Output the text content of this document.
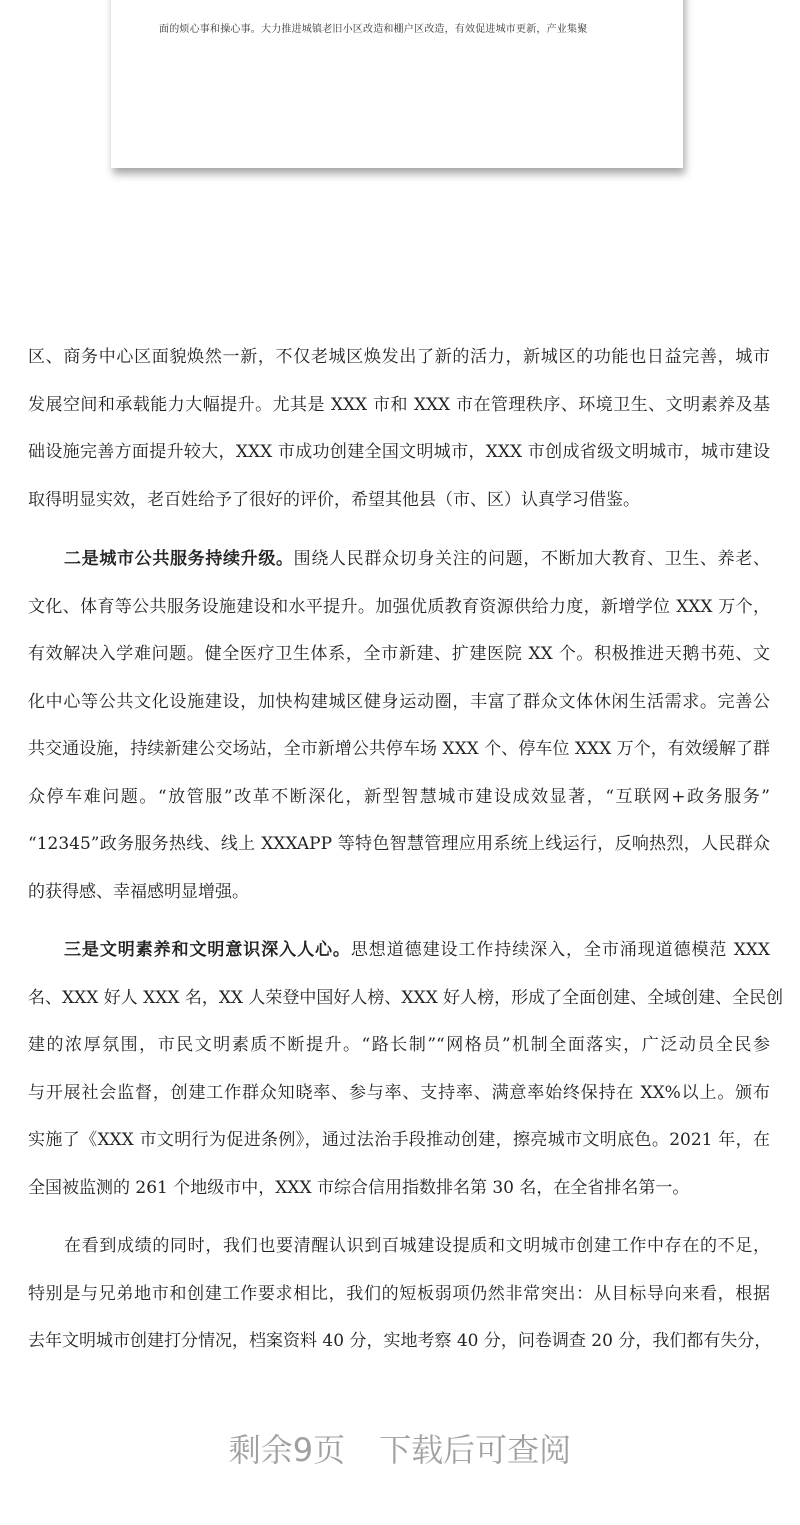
面的烦心事和操心事。大力推进城镇老旧小区改造和棚户区改造，有效促进城市更新，产业集聚
区、商务中心区面貌焕然一新，不仅老城区焕发出了新的活力，新城区的功能也日益完善，城市
发展空间和承载能力大幅提升。尤其是 XXX 市和 XXX 市在管理秩序、环境卫生、文明素养及基
础设施完善方面提升较大，XXX 市成功创建全国文明城市，XXX 市创成省级文明城市，城市建设
取得明显实效，老百姓给予了很好的评价，希望其他县（市、区）认真学习借鉴。
二是城市公共服务持续升级。围绕人民群众切身关注的问题，不断加大教育、卫生、养老、
文化、体育等公共服务设施建设和水平提升。加强优质教育资源供给力度，新增学位 XXX 万个，
有效解决入学难问题。健全医疗卫生体系，全市新建、扩建医院 XX 个。积极推进天鹅书苑、文
化中心等公共文化设施建设，加快构建城区健身运动圈，丰富了群众文体休闲生活需求。完善公
共交通设施，持续新建公交场站，全市新增公共停车场 XXX 个、停车位 XXX 万个，有效缓解了群
众停车难问题。“放管服”改革不断深化，新型智慧城市建设成效显著，“互联网+政务服务”
“12345”政务服务热线、线上 XXXAPP 等特色智慧管理应用系统上线运行，反响热烈，人民群众
的获得感、幸福感明显增强。
三是文明素养和文明意识深入人心。思想道德建设工作持续深入，全市涌现道德模范 XXX
名、XXX 好人 XXX 名，XX 人荣登中国好人榜、XXX 好人榜，形成了全面创建、全域创建、全民创
建的浓厚氛围，市民文明素质不断提升。“路长制”“网格员”机制全面落实，广泛动员全民参
与开展社会监督，创建工作群众知晓率、参与率、支持率、满意率始终保持在 XX%以上。颁布
实施了《XXX 市文明行为促进条例》，通过法治手段推动创建，擦亮城市文明底色。2021 年，在
全国被监测的 261 个地级市中，XXX 市综合信用指数排名第 30 名，在全省排名第一。
在看到成绩的同时，我们也要清醒认识到百城建设提质和文明城市创建工作中存在的不足，
特别是与兄弟地市和创建工作要求相比，我们的短板弱项仍然非常突出：从目标导向来看，根据
去年文明城市创建打分情况，档案资料 40 分，实地考察 40 分，问卷调查 20 分，我们都有失分，
剩余9页 下载后可查阅
